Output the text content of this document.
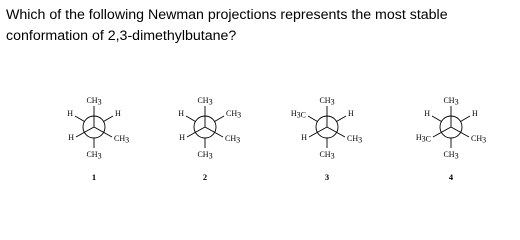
Which of the following Newman projections represents the most stable
conformation of 2,3-dimethylbutane?

CH3
H	CH3
H	H
CH3
1
CH3
H	CH3
H	CH3
CH3
2
CH3
H	CH3
H3C	H
CH3
3
CH3
H3C	CH3
H	H
CH3
4
